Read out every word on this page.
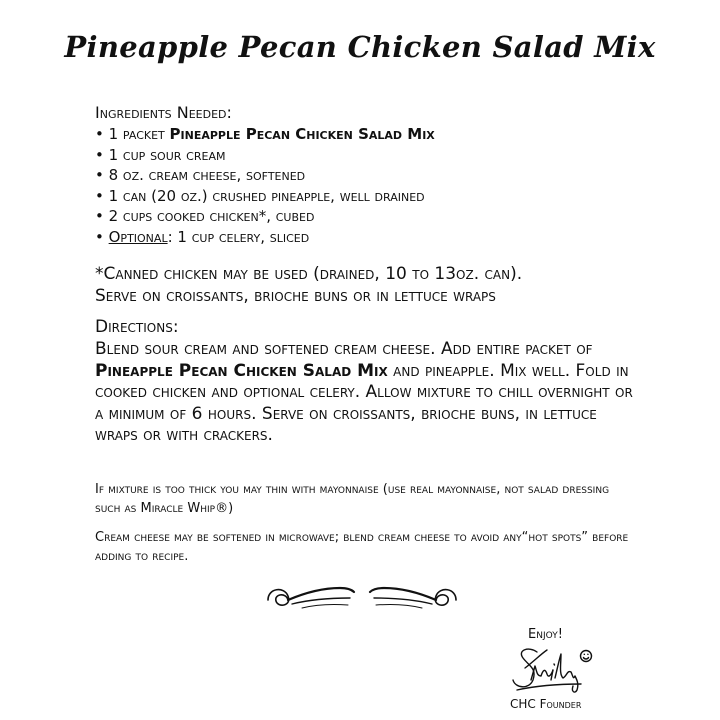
Pineapple Pecan Chicken Salad Mix
Ingredients Needed:
• 1 packet Pineapple Pecan Chicken Salad Mix
• 1 cup sour cream
• 8 oz. cream cheese, softened
• 1 can (20 oz.) crushed pineapple, well drained
• 2 cups cooked chicken*, cubed
• Optional: 1 cup celery, sliced
*Canned chicken may be used (drained, 10 to 13oz. can).
Serve on croissants, brioche buns or in lettuce wraps
Directions:
Blend sour cream and softened cream cheese. Add entire packet of Pineapple Pecan Chicken Salad Mix and pineapple. Mix well. Fold in cooked chicken and optional celery. Allow mixture to chill overnight or a minimum of 6 hours. Serve on croissants, brioche buns, in lettuce wraps or with crackers.
If mixture is too thick you may thin with mayonnaise (use real mayonnaise, not salad dressing such as Miracle Whip®)
Cream cheese may be softened in microwave; blend cream cheese to avoid any“hot spots” before adding to recipe.
Enjoy!
CHC Founder
